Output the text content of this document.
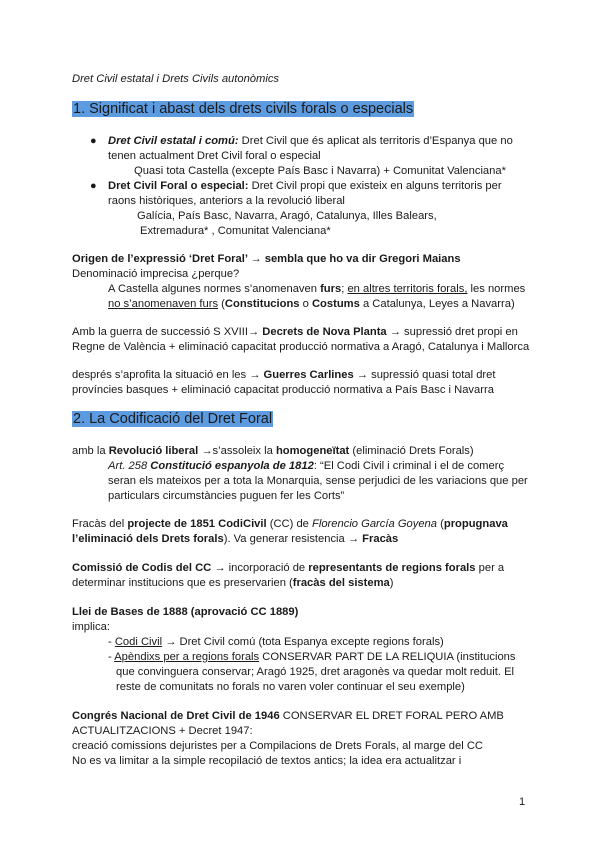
Dret Civil estatal i Drets Civils autonòmics
1. Significat i abast dels drets civils forals o especials
● Dret Civil estatal i comú: Dret Civil que és aplicat als territoris d’Espanya que no
tenen actualment Dret Civil foral o especial
Quasi tota Castella (excepte País Basc i Navarra) + Comunitat Valenciana*
● Dret Civil Foral o especial: Dret Civil propi que existeix en alguns territoris per
raons històriques, anteriors a la revolució liberal
Galícia, País Basc, Navarra, Aragó, Catalunya, Illes Balears,
Extremadura* , Comunitat Valenciana*
Origen de l’expressió ‘Dret Foral’ → sembla que ho va dir Gregori Maians
Denominació imprecisa ¿perque?
A Castella algunes normes s’anomenaven furs; en altres territoris forals, les normes
no s’anomenaven furs (Constitucions o Costums a Catalunya, Leyes a Navarra)
Amb la guerra de successió S XVIII→ Decrets de Nova Planta → supressió dret propi en
Regne de València + eliminació capacitat producció normativa a Aragó, Catalunya i Mallorca
després s’aprofita la situació en les → Guerres Carlines → supressió quasi total dret
províncies basques + eliminació capacitat producció normativa a País Basc i Navarra
2. La Codificació del Dret Foral
amb la Revolució liberal →s’assoleix la homogeneïtat (eliminació Drets Forals)
Art. 258 Constitució espanyola de 1812: “El Codi Civil i criminal i el de comerç
seran els mateixos per a tota la Monarquia, sense perjudici de les variacions que per
particulars circumstàncies puguen fer les Corts”
Fracàs del projecte de 1851 CodiCivil (CC) de Florencio García Goyena (propugnava
l’eliminació dels Drets forals). Va generar resistencia → Fracàs
Comissió de Codis del CC → incorporació de representants de regions forals per a
determinar institucions que es preservarien (fracàs del sistema)
Llei de Bases de 1888 (aprovació CC 1889)
implica:
- Codi Civil → Dret Civil comú (tota Espanya excepte regions forals)
- Apèndixs per a regions forals CONSERVAR PART DE LA RELIQUIA (institucions
que convinguera conservar; Aragó 1925, dret aragonès va quedar molt reduit. El
reste de comunitats no forals no varen voler continuar el seu exemple)
Congrés Nacional de Dret Civil de 1946 CONSERVAR EL DRET FORAL PERO AMB
ACTUALITZACIONS + Decret 1947:
creació comissions dejuristes per a Compilacions de Drets Forals, al marge del CC
No es va limitar a la simple recopilació de textos antics; la idea era actualitzar i
1
